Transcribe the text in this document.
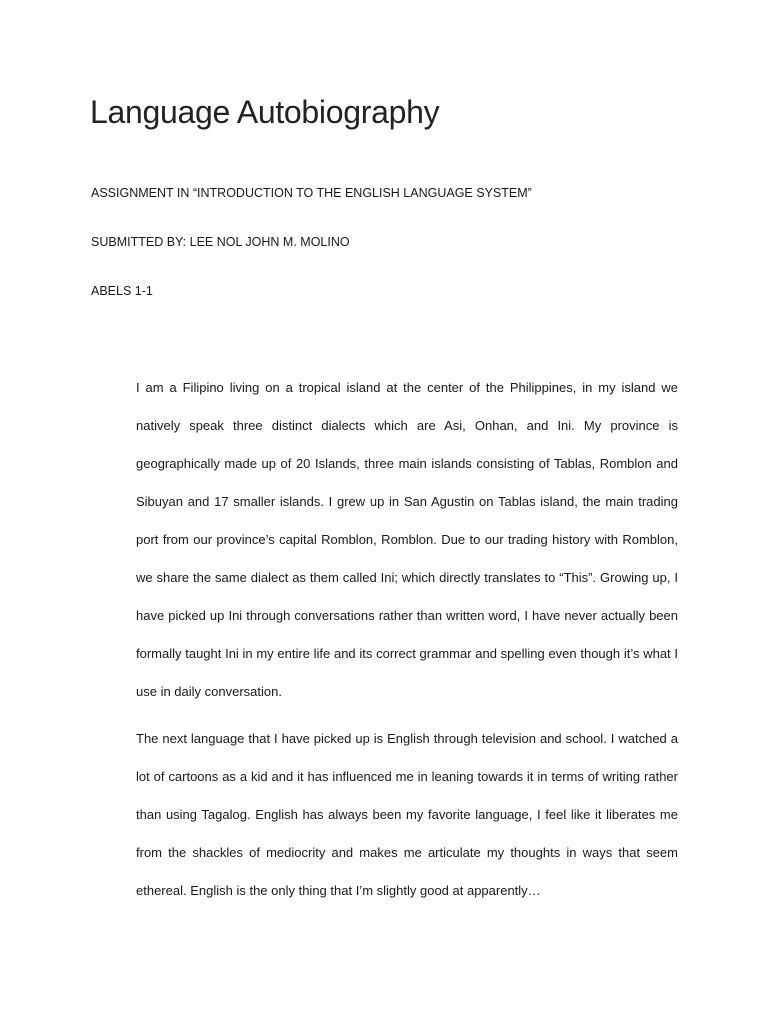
Language Autobiography

ASSIGNMENT IN “INTRODUCTION TO THE ENGLISH LANGUAGE SYSTEM”

SUBMITTED BY: LEE NOL JOHN M. MOLINO

ABELS 1-1

I am a Filipino living on a tropical island at the center of the Philippines, in my island we natively speak three distinct dialects which are Asi, Onhan, and Ini. My province is geographically made up of 20 Islands, three main islands consisting of Tablas, Romblon and Sibuyan and 17 smaller islands. I grew up in San Agustin on Tablas island, the main trading port from our province’s capital Romblon, Romblon. Due to our trading history with Romblon, we share the same dialect as them called Ini; which directly translates to “This”. Growing up, I have picked up Ini through conversations rather than written word, I have never actually been formally taught Ini in my entire life and its correct grammar and spelling even though it’s what I use in daily conversation.

The next language that I have picked up is English through television and school. I watched a lot of cartoons as a kid and it has influenced me in leaning towards it in terms of writing rather than using Tagalog. English has always been my favorite language, I feel like it liberates me from the shackles of mediocrity and makes me articulate my thoughts in ways that seem ethereal. English is the only thing that I’m slightly good at apparently…
